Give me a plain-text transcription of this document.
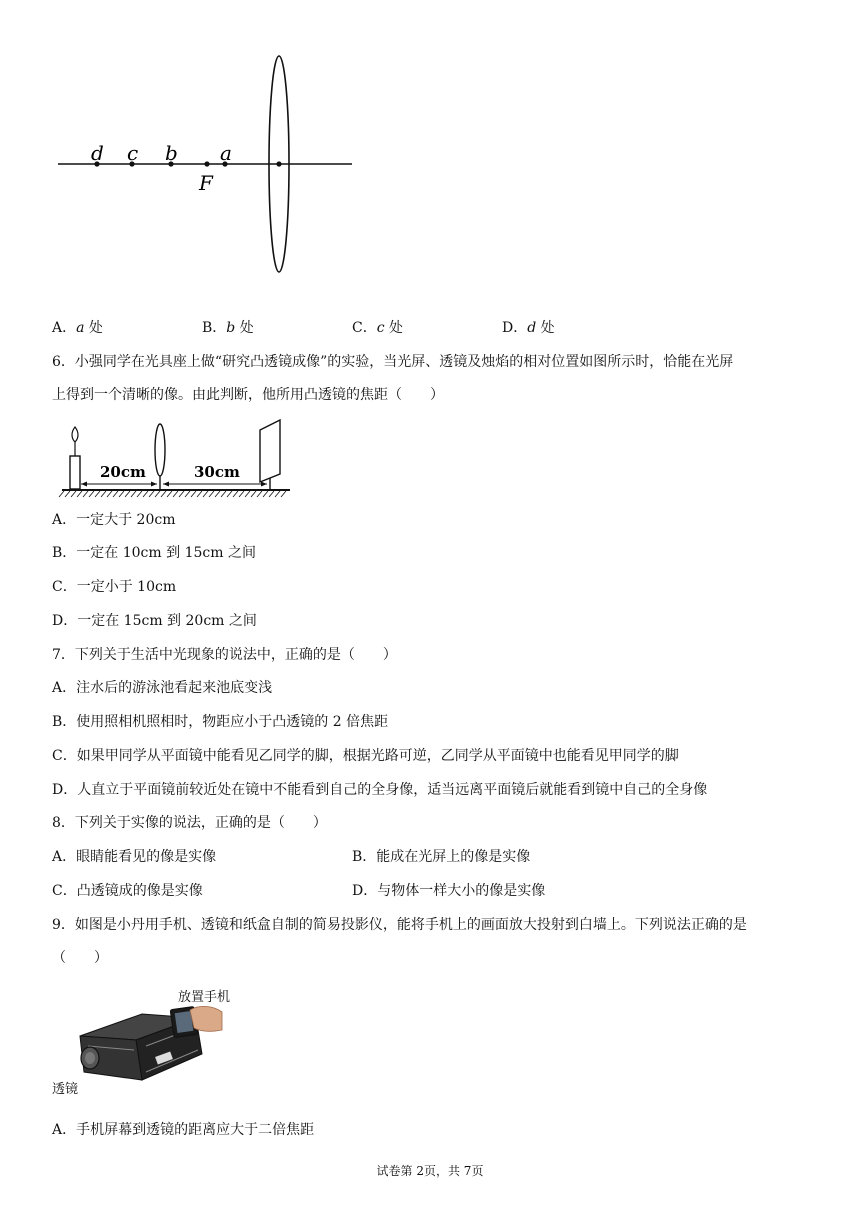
d c b a
F
A．a 处	B．b 处	C．c 处	D．d 处
6．小强同学在光具座上做“研究凸透镜成像”的实验，当光屏、透镜及烛焰的相对位置如图所示时，恰能在光屏
上得到一个清晰的像。由此判断，他所用凸透镜的焦距（　　）
20cm	30cm
A．一定大于 20cm
B．一定在 10cm 到 15cm 之间
C．一定小于 10cm
D．一定在 15cm 到 20cm 之间
7．下列关于生活中光现象的说法中，正确的是（　　）
A．注水后的游泳池看起来池底变浅
B．使用照相机照相时，物距应小于凸透镜的 2 倍焦距
C．如果甲同学从平面镜中能看见乙同学的脚，根据光路可逆，乙同学从平面镜中也能看见甲同学的脚
D．人直立于平面镜前较近处在镜中不能看到自己的全身像，适当远离平面镜后就能看到镜中自己的全身像
8．下列关于实像的说法，正确的是（　　）
A．眼睛能看见的像是实像	B．能成在光屏上的像是实像
C．凸透镜成的像是实像	D．与物体一样大小的像是实像
9．如图是小丹用手机、透镜和纸盒自制的简易投影仪，能将手机上的画面放大投射到白墙上。下列说法正确的是
（　　）
放置手机
透镜
A．手机屏幕到透镜的距离应大于二倍焦距
试卷第 2页，共 7页
